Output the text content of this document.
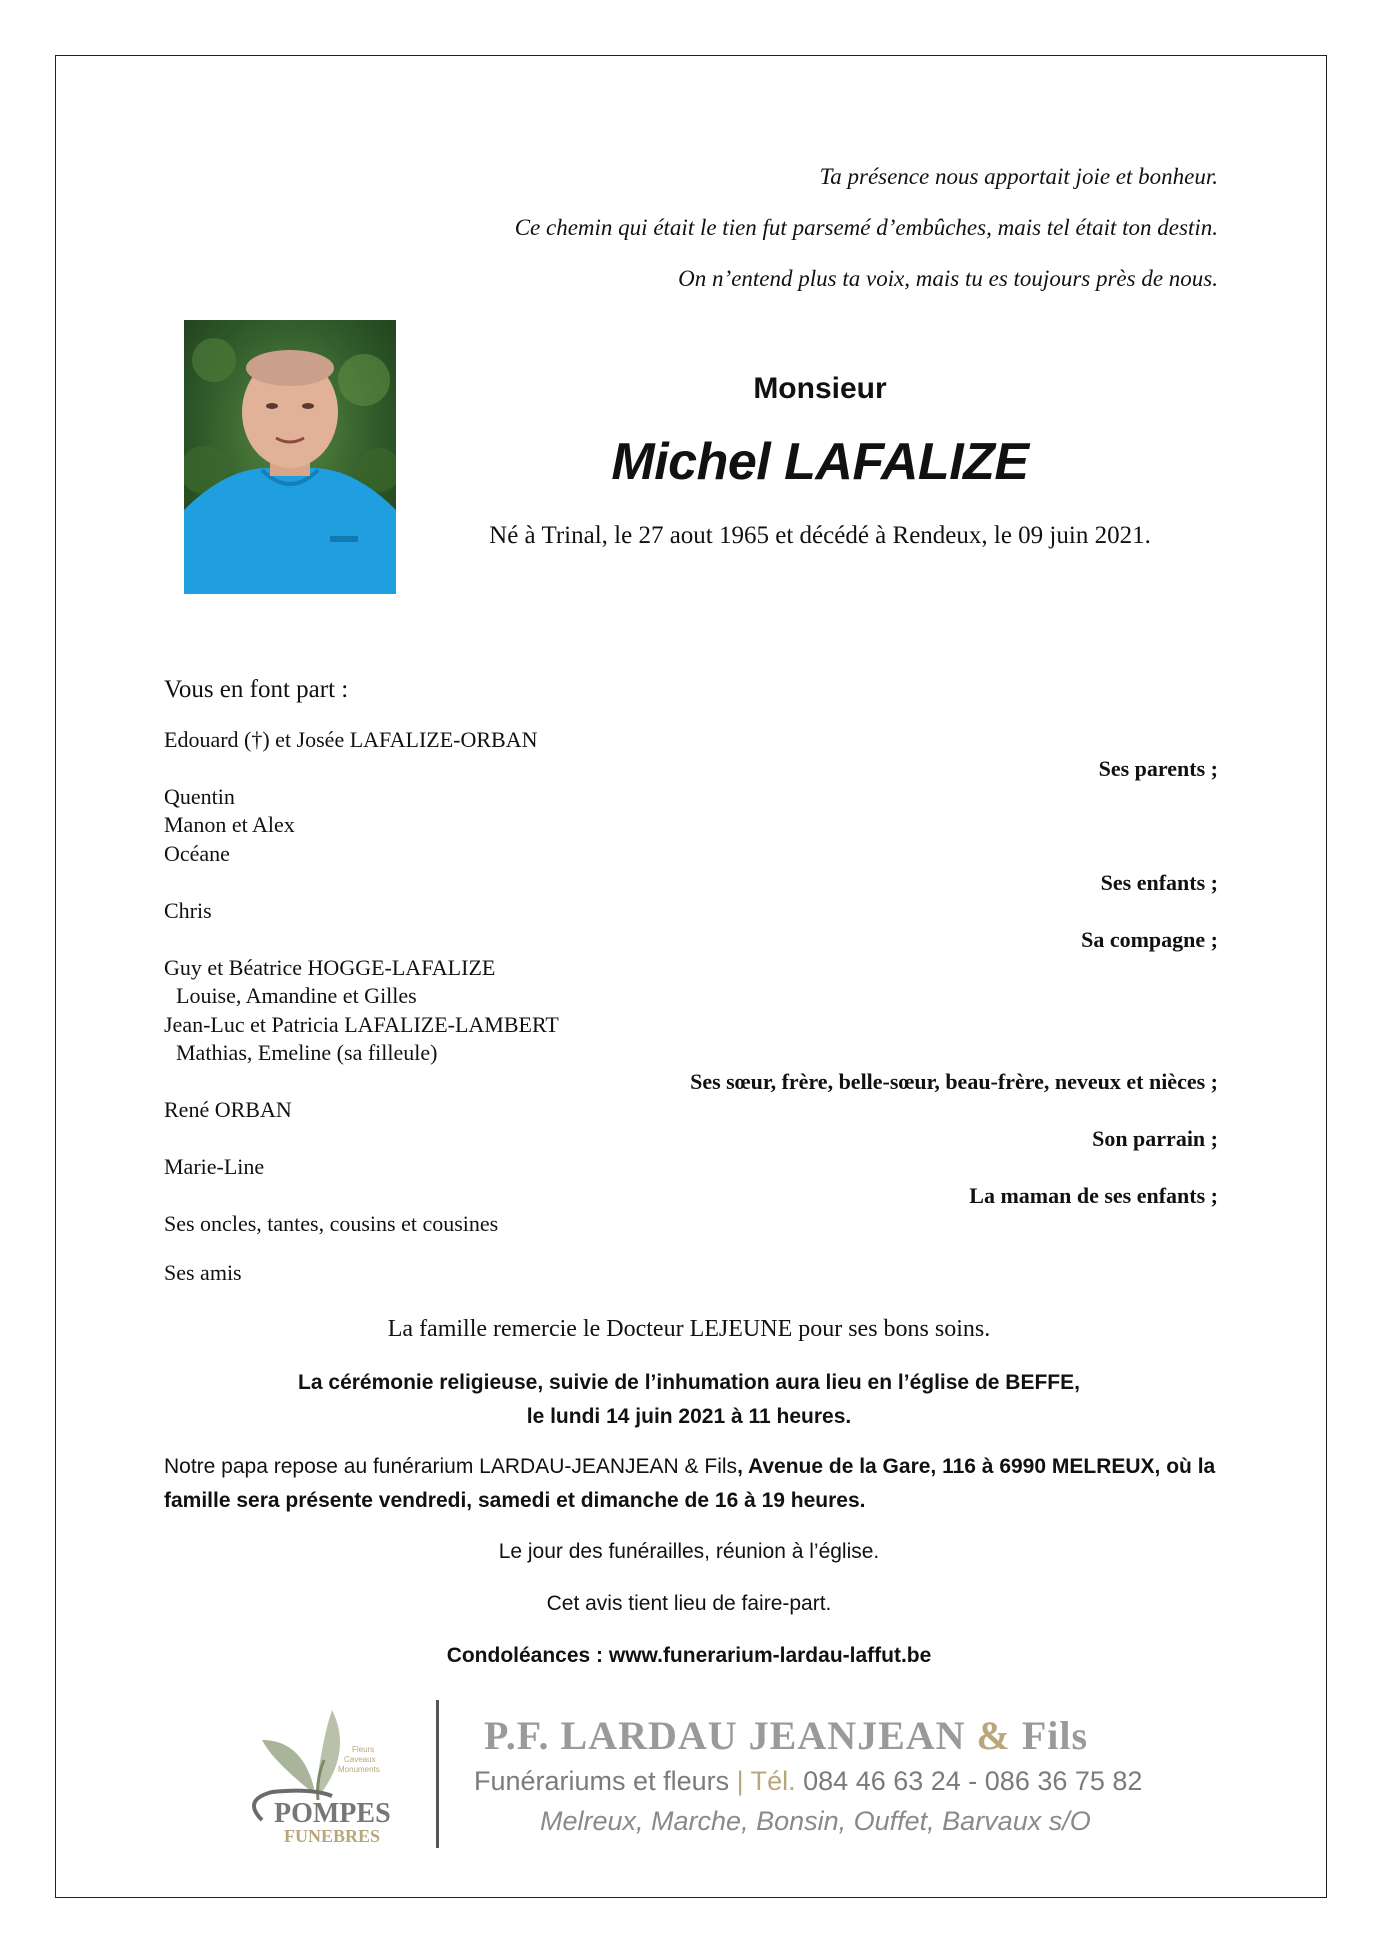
Ta présence nous apportait joie et bonheur.
Ce chemin qui était le tien fut parsemé d’embûches, mais tel était ton destin.
On n’entend plus ta voix, mais tu es toujours près de nous.
Monsieur
Michel LAFALIZE
Né à Trinal, le 27 aout 1965 et décédé à Rendeux, le 09 juin 2021.
Vous en font part :
Edouard (†) et Josée LAFALIZE-ORBAN
Ses parents ;
Quentin
Manon et Alex
Océane
Ses enfants ;
Chris
Sa compagne ;
Guy et Béatrice HOGGE-LAFALIZE
Louise, Amandine et Gilles
Jean-Luc et Patricia LAFALIZE-LAMBERT
Mathias, Emeline (sa filleule)
Ses sœur, frère, belle-sœur, beau-frère, neveux et nièces ;
René ORBAN
Son parrain ;
Marie-Line
La maman de ses enfants ;
Ses oncles, tantes, cousins et cousines
Ses amis
La famille remercie le Docteur LEJEUNE pour ses bons soins.
La cérémonie religieuse, suivie de l’inhumation aura lieu en l’église de BEFFE,
le lundi 14 juin 2021 à 11 heures.
Notre papa repose au funérarium LARDAU-JEANJEAN & Fils, Avenue de la Gare, 116 à 6990 MELREUX, où la famille sera présente vendredi, samedi et dimanche de 16 à 19 heures.
Le jour des funérailles, réunion à l’église.
Cet avis tient lieu de faire-part.
Condoléances : www.funerarium-lardau-laffut.be
Fleurs
Caveaux
Monuments
POMPES
FUNEBRES
P.F. LARDAU JEANJEAN & Fils
Funérariums et fleurs | Tél. 084 46 63 24 - 086 36 75 82
Melreux, Marche, Bonsin, Ouffet, Barvaux s/O
